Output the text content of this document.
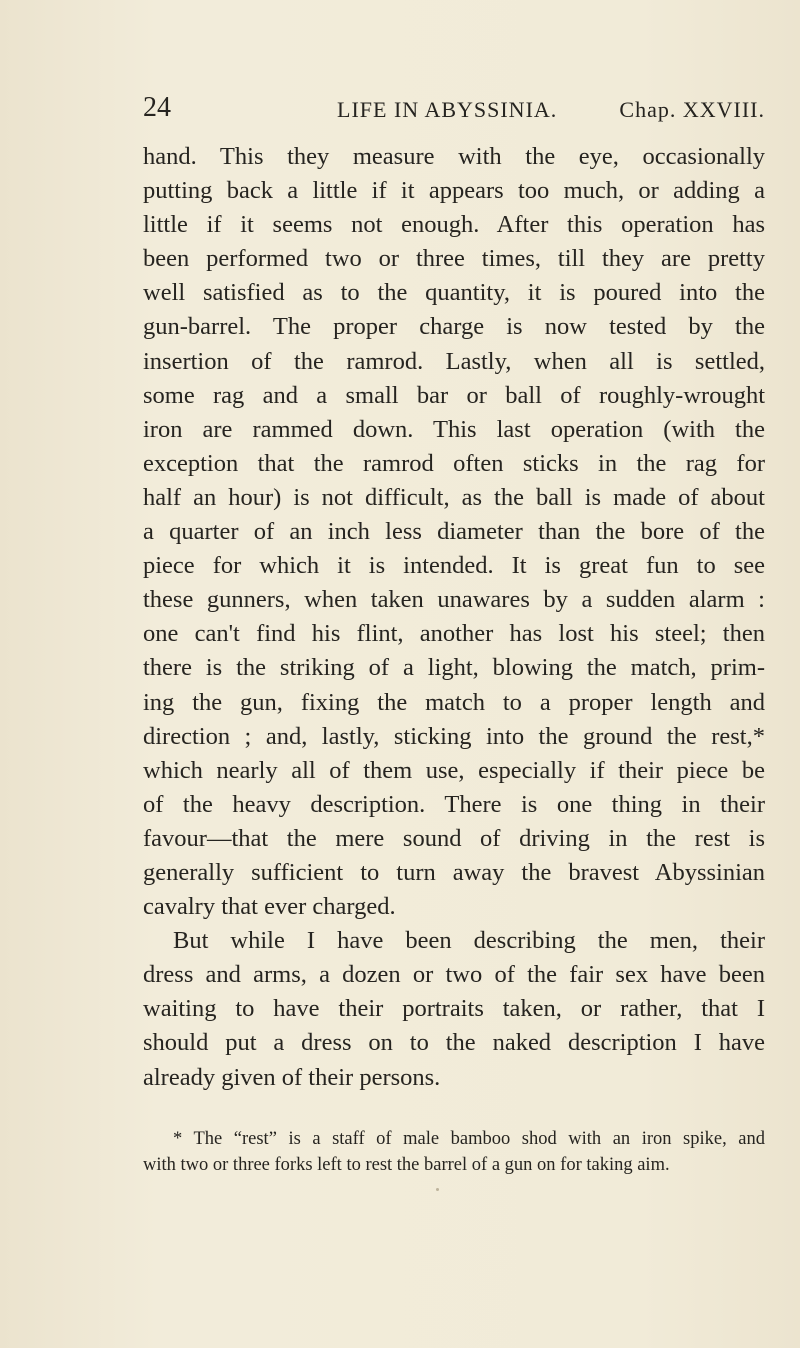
24	LIFE IN ABYSSINIA.	Chap. XXVIII.
hand. This they measure with the eye, occasionally
putting back a little if it appears too much, or adding a
little if it seems not enough. After this operation has
been performed two or three times, till they are pretty
well satisfied as to the quantity, it is poured into the
gun-barrel. The proper charge is now tested by the
insertion of the ramrod. Lastly, when all is settled,
some rag and a small bar or ball of roughly-wrought
iron are rammed down. This last operation (with the
exception that the ramrod often sticks in the rag for
half an hour) is not difficult, as the ball is made of about
a quarter of an inch less diameter than the bore of the
piece for which it is intended. It is great fun to see
these gunners, when taken unawares by a sudden alarm :
one can't find his flint, another has lost his steel; then
there is the striking of a light, blowing the match, prim-
ing the gun, fixing the match to a proper length and
direction ; and, lastly, sticking into the ground the rest,*
which nearly all of them use, especially if their piece be
of the heavy description. There is one thing in their
favour—that the mere sound of driving in the rest is
generally sufficient to turn away the bravest Abyssinian
cavalry that ever charged.
But while I have been describing the men, their
dress and arms, a dozen or two of the fair sex have been
waiting to have their portraits taken, or rather, that I
should put a dress on to the naked description I have
already given of their persons.
* The “rest” is a staff of male bamboo shod with an iron spike, and
with two or three forks left to rest the barrel of a gun on for taking aim.
